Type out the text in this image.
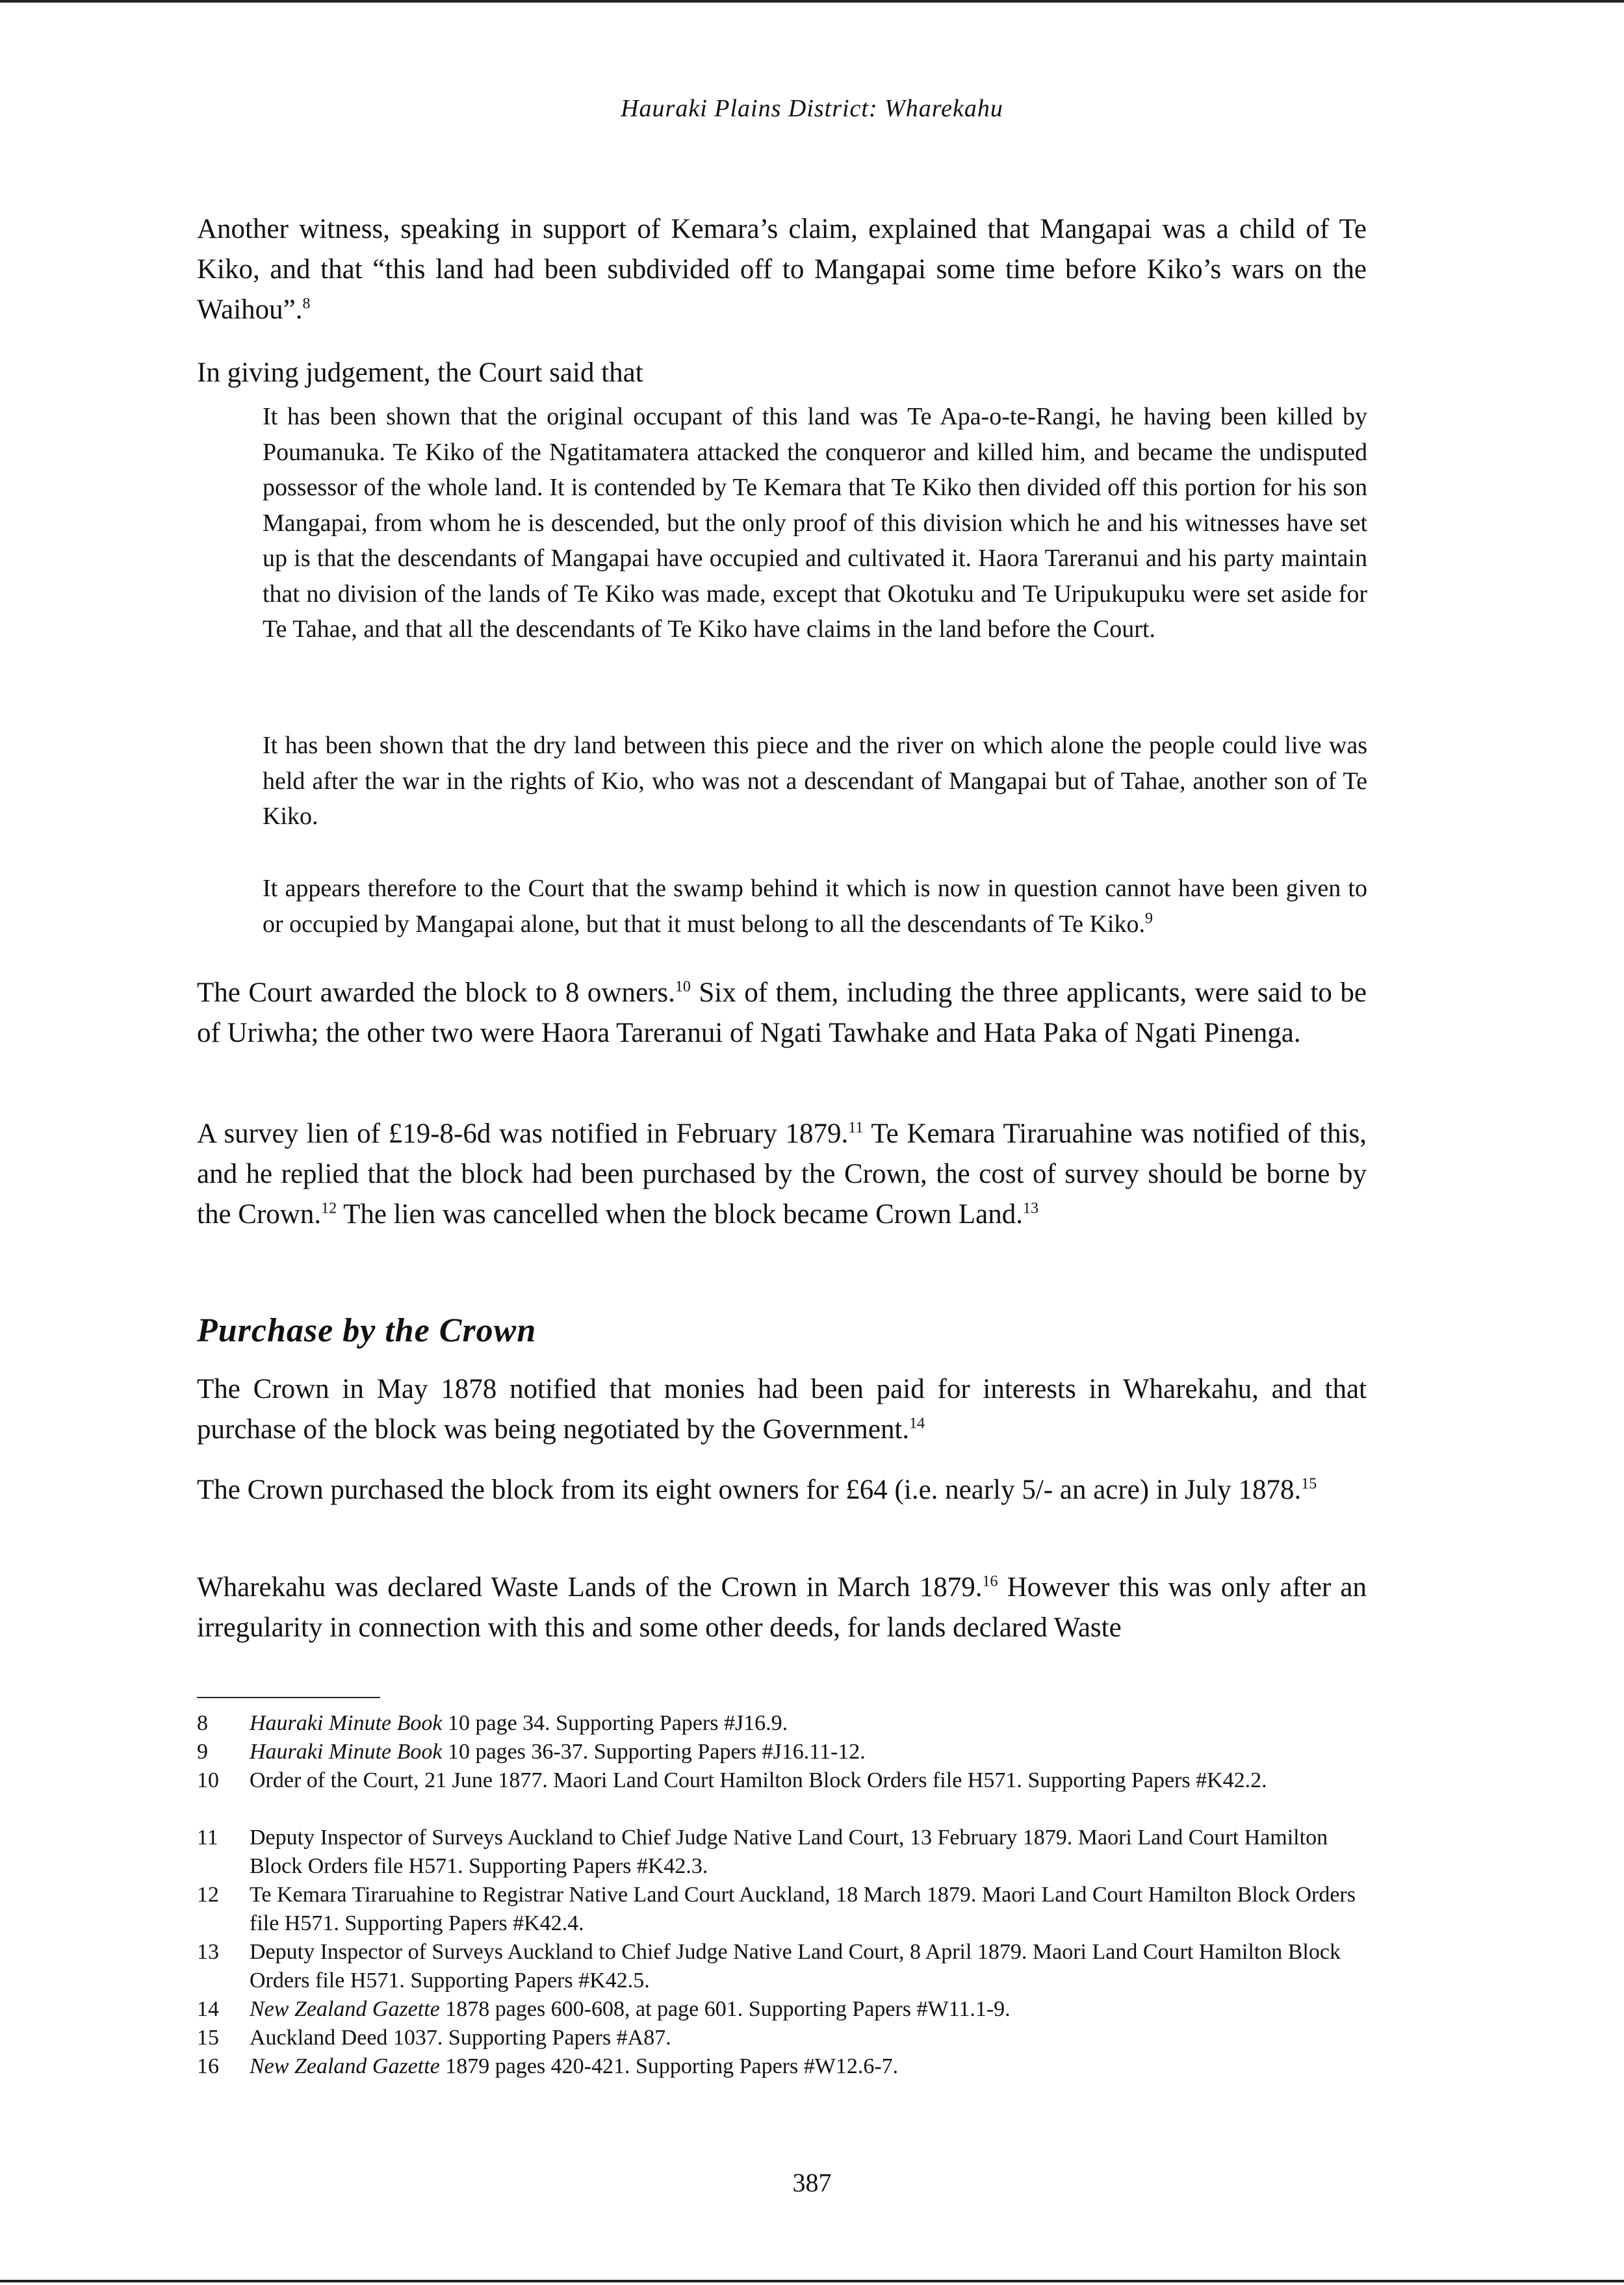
Hauraki Plains District: Wharekahu

Another witness, speaking in support of Kemara’s claim, explained that Mangapai was a child of Te Kiko, and that “this land had been subdivided off to Mangapai some time before Kiko’s wars on the Waihou”.$^8$

In giving judgement, the Court said that

It has been shown that the original occupant of this land was Te Apa-o-te-Rangi, he having been killed by Poumanuka. Te Kiko of the Ngatitamatera attacked the conqueror and killed him, and became the undisputed possessor of the whole land. It is contended by Te Kemara that Te Kiko then divided off this portion for his son Mangapai, from whom he is descended, but the only proof of this division which he and his witnesses have set up is that the descendants of Mangapai have occupied and cultivated it. Haora Tareranui and his party maintain that no division of the lands of Te Kiko was made, except that Okotuku and Te Uripukupuku were set aside for Te Tahae, and that all the descendants of Te Kiko have claims in the land before the Court.

It has been shown that the dry land between this piece and the river on which alone the people could live was held after the war in the rights of Kio, who was not a descendant of Mangapai but of Tahae, another son of Te Kiko.

It appears therefore to the Court that the swamp behind it which is now in question cannot have been given to or occupied by Mangapai alone, but that it must belong to all the descendants of Te Kiko.$^9$

The Court awarded the block to 8 owners.$^{10}$ Six of them, including the three applicants, were said to be of Uriwha; the other two were Haora Tareranui of Ngati Tawhake and Hata Paka of Ngati Pinenga.

A survey lien of £19-8-6d was notified in February 1879.11 Te Kemara Tiraruahine was notified of this, and he replied that the block had been purchased by the Crown, the cost of survey should be borne by the Crown.$^{12}$ The lien was cancelled when the block became Crown Land.$^{13}$

Purchase by the Crown

The Crown in May 1878 notified that monies had been paid for interests in Wharekahu, and that purchase of the block was being negotiated by the Government.$^{14}$

The Crown purchased the block from its eight owners for £64 (i.e. nearly 5/- an acre) in July 1878.15

Wharekahu was declared Waste Lands of the Crown in March 1879.16 However this was only after an irregularity in connection with this and some other deeds, for lands declared Waste

8	Hauraki Minute Book 10 page 34. Supporting Papers #J16.9.
9	Hauraki Minute Book 10 pages 36-37. Supporting Papers #J16.11-12.
10	Order of the Court, 21 June 1877. Maori Land Court Hamilton Block Orders file H571. Supporting Papers #K42.2.
11	Deputy Inspector of Surveys Auckland to Chief Judge Native Land Court, 13 February 1879. Maori Land Court Hamilton Block Orders file H571. Supporting Papers #K42.3.
12	Te Kemara Tiraruahine to Registrar Native Land Court Auckland, 18 March 1879. Maori Land Court Hamilton Block Orders file H571. Supporting Papers #K42.4.
13	Deputy Inspector of Surveys Auckland to Chief Judge Native Land Court, 8 April 1879. Maori Land Court Hamilton Block Orders file H571. Supporting Papers #K42.5.
14	New Zealand Gazette 1878 pages 600-608, at page 601. Supporting Papers #W11.1-9.
15	Auckland Deed 1037. Supporting Papers #A87.
16	New Zealand Gazette 1879 pages 420-421. Supporting Papers #W12.6-7.
387
